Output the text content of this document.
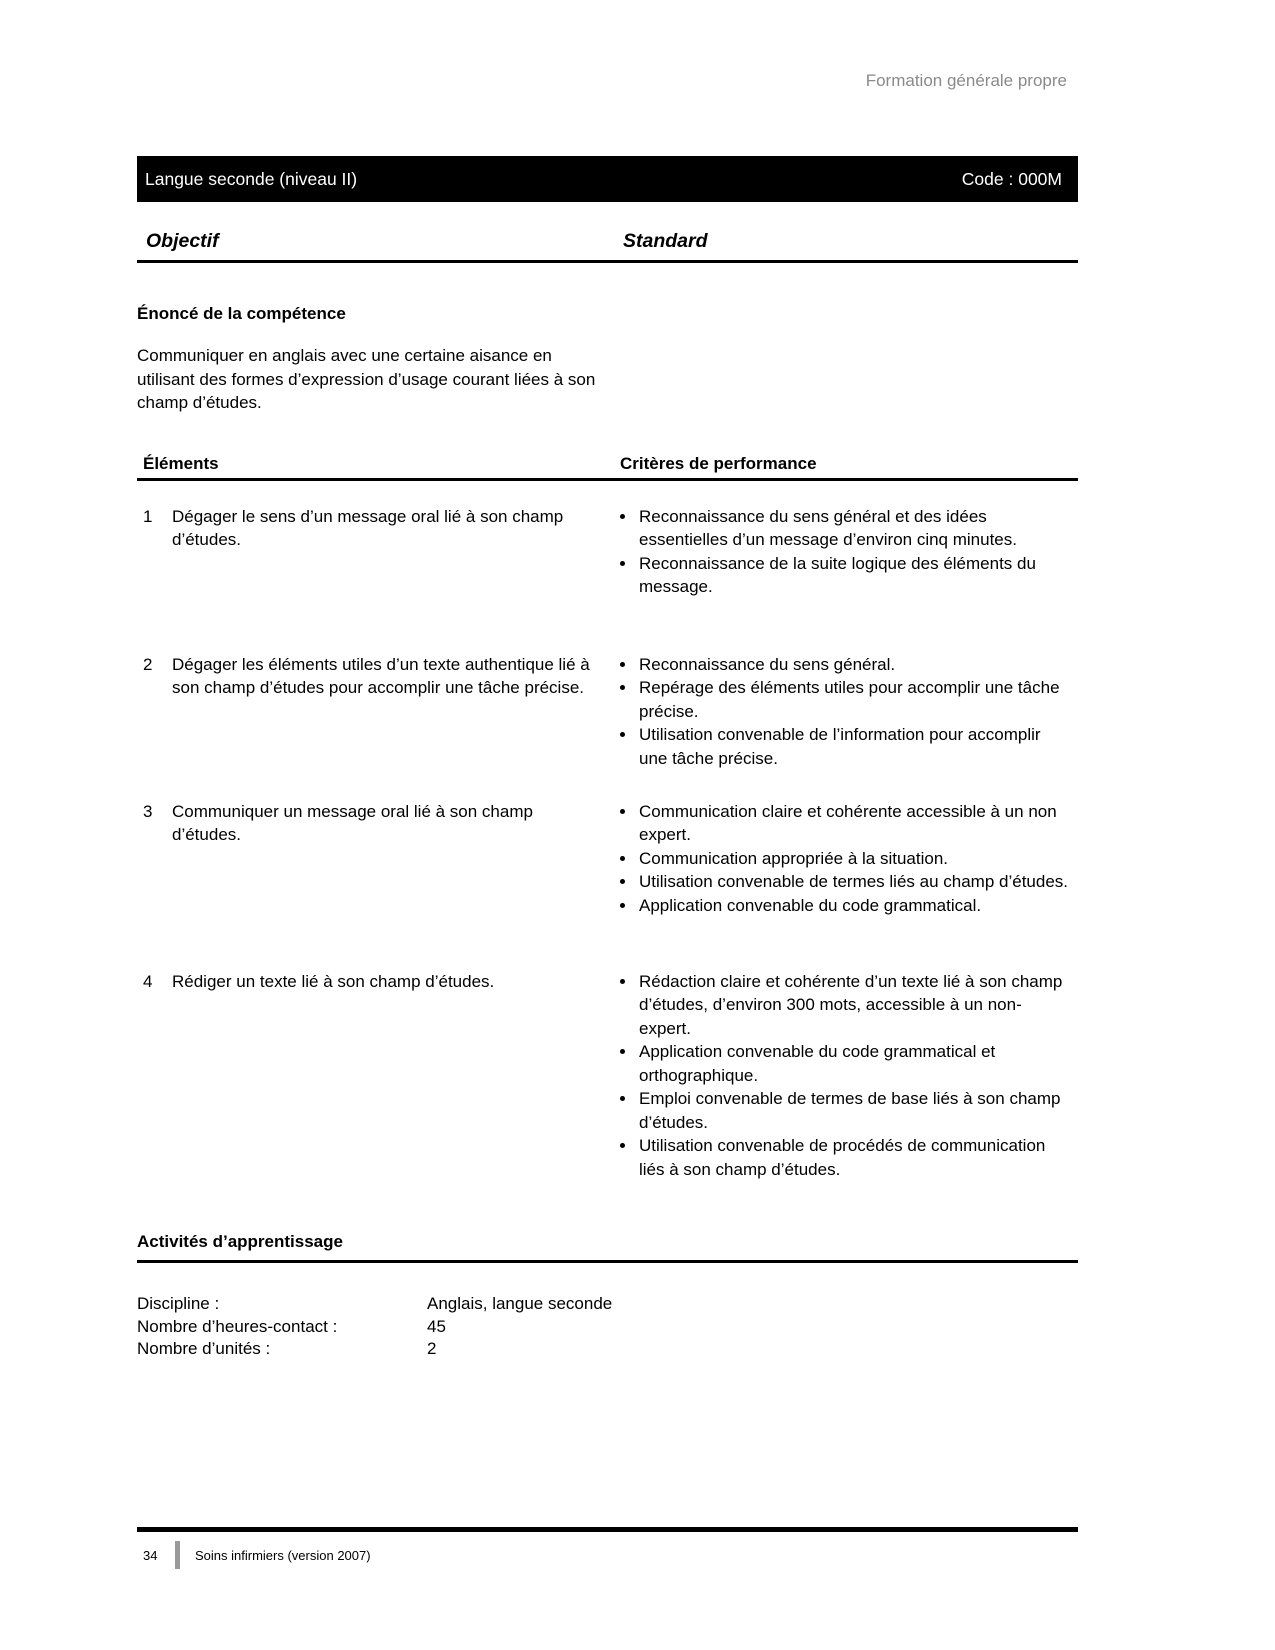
Formation générale propre
Langue seconde (niveau II)	Code : 000M
Objectif	Standard
Énoncé de la compétence

Communiquer en anglais avec une certaine aisance en utilisant des formes d’expression d’usage courant liées à son champ d’études.

Éléments	Critères de performance
1	Dégager le sens d’un message oral lié à son champ d’études.
• Reconnaissance du sens général et des idées essentielles d’un message d’environ cinq minutes.
• Reconnaissance de la suite logique des éléments du message.
2	Dégager les éléments utiles d’un texte authentique lié à son champ d’études pour accomplir une tâche précise.
• Reconnaissance du sens général.
• Repérage des éléments utiles pour accomplir une tâche précise.
• Utilisation convenable de l’information pour accomplir une tâche précise.
3	Communiquer un message oral lié à son champ d’études.
• Communication claire et cohérente accessible à un non expert.
• Communication appropriée à la situation.
• Utilisation convenable de termes liés au champ d’études.
• Application convenable du code grammatical.
4	Rédiger un texte lié à son champ d’études.	• Rédaction claire et cohérente d’un texte lié à son champ d’études, d’environ 300 mots, accessible à un non-expert.
• Application convenable du code grammatical et orthographique.
• Emploi convenable de termes de base liés à son champ d’études.
• Utilisation convenable de procédés de communication liés à son champ d’études.
Activités d’apprentissage
Discipline :	Anglais, langue seconde
Nombre d’heures-contact :	45
Nombre d’unités :	2
34	Soins infirmiers (version 2007)
